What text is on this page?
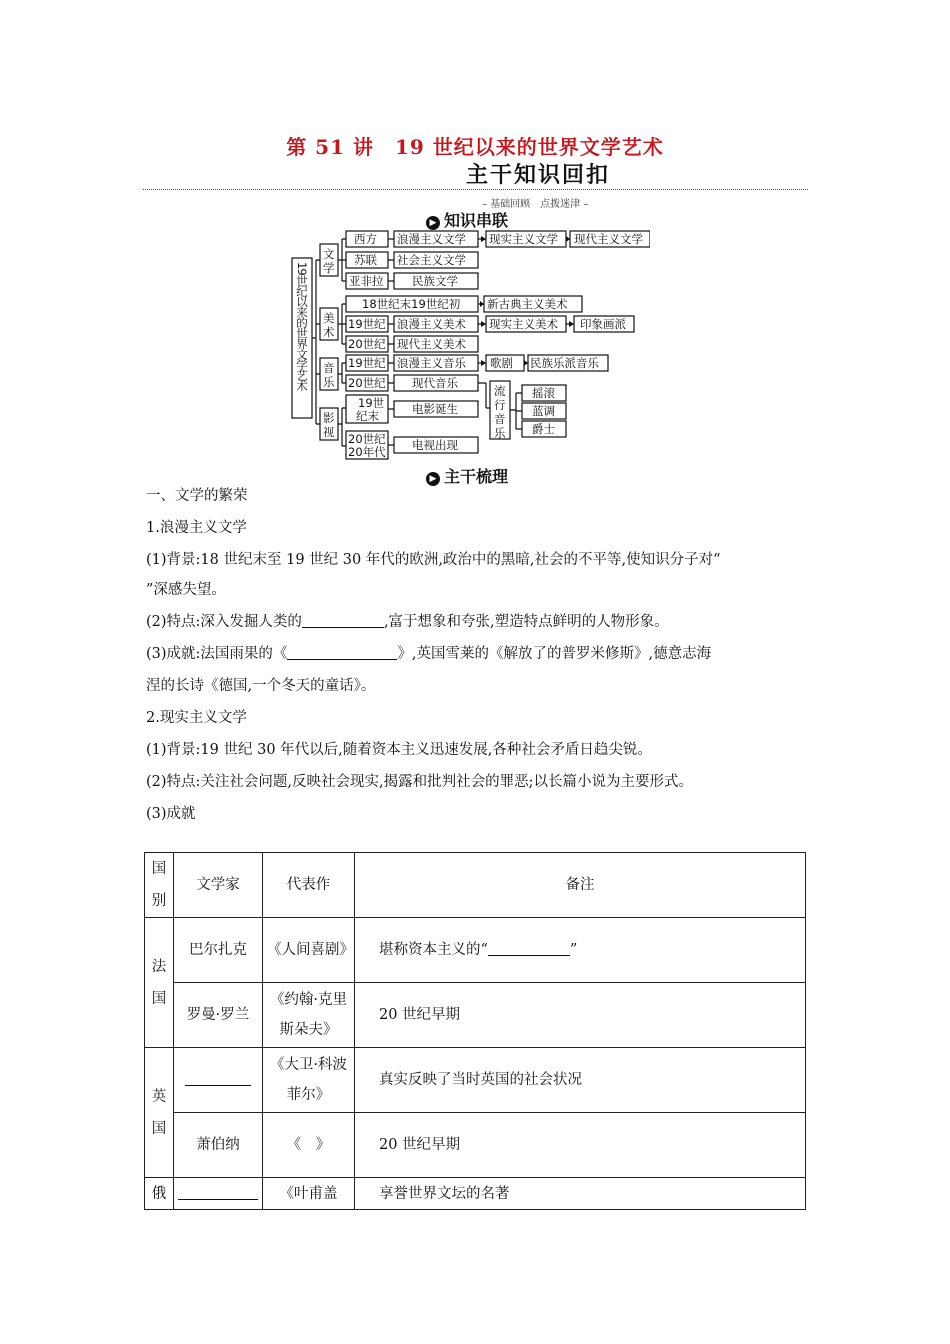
第 51 讲　19 世纪以来的世界文学艺术
主干知识回扣
– 基础回顾　点拨迷津 –
▶ 知识串联
19世纪以来的世界文学艺术
文
学
美
术
音
乐
影
视
西方
苏联
亚非拉
浪漫主义文学
社会主义文学
民族文学
现实主义文学 现代主义文学
18世纪末19世纪初
19世纪
20世纪
新古典主义美术
浪漫主义美术
现代主义美术
现实主义美术 印象画派
19世纪
20世纪
浪漫主义音乐
现代音乐
歌剧 民族乐派音乐
流
行
音
乐
摇滚
蓝调
爵士
19世
纪末
20世纪
20年代
电影诞生
电视出现
▶ 主干梳理
一、文学的繁荣
1.浪漫主义文学
(1)背景:18 世纪末至 19 世纪 30 年代的欧洲,政治中的黑暗,社会的不平等,使知识分子对“
”深感失望。
(2)特点:深入发掘人类的	,富于想象和夸张,塑造特点鲜明的人物形象。
(3)成就:法国雨果的《	》,英国雪莱的《解放了的普罗米修斯》,德意志海
涅的长诗《德国,一个冬天的童话》。
2.现实主义文学
(1)背景:19 世纪 30 年代以后,随着资本主义迅速发展,各种社会矛盾日趋尖锐。
(2)特点:关注社会问题,反映社会现实,揭露和批判社会的罪恶;以长篇小说为主要形式。
(3)成就
国别	文学家	代表作	备注

法国	巴尔扎克	《人间喜剧》	堪称资本主义的“ ”
	罗曼·罗兰	《约翰·克里斯朵夫》	20 世纪早期

英国		《大卫·科波菲尔》	真实反映了当时英国的社会状况
	萧伯纳	《　》	20 世纪早期
俄		《叶甫盖	享誉世界文坛的名著
